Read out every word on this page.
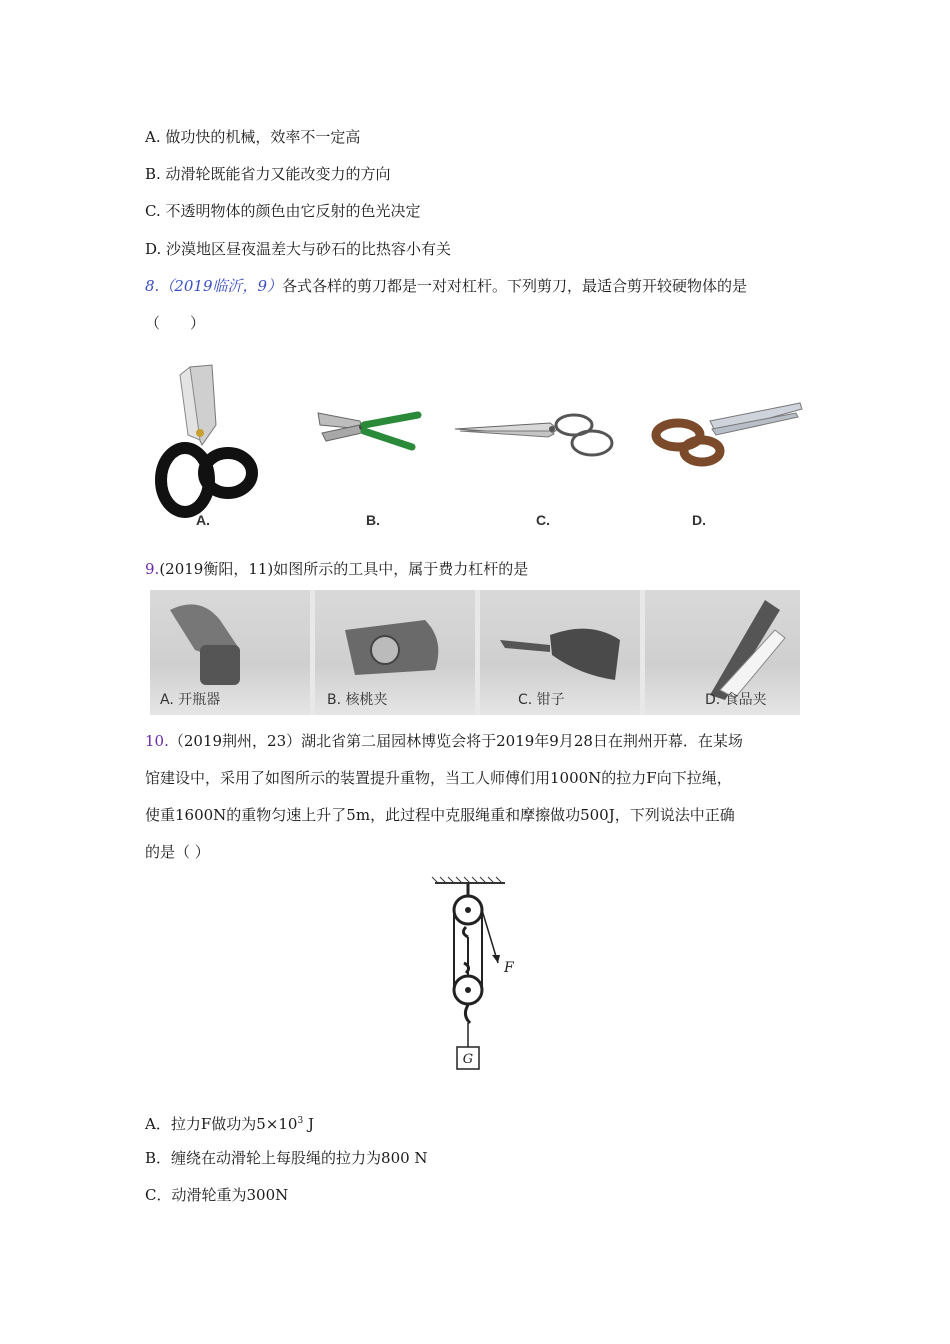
A. 做功快的机械，效率不一定高
B. 动滑轮既能省力又能改变力的方向
C. 不透明物体的颜色由它反射的色光决定
D. 沙漠地区昼夜温差大与砂石的比热容小有关
8.（2019临沂，9）各式各样的剪刀都是一对对杠杆。下列剪刀，最适合剪开较硬物体的是
（　　）
A.	B.	C.	D.
9.(2019衡阳，11)如图所示的工具中，属于费力杠杆的是
A. 开瓶器	B. 核桃夹	C. 钳子	D. 食品夹
10.（2019荆州，23）湖北省第二届园林博览会将于2019年9月28日在荆州开幕．在某场
馆建设中，采用了如图所示的装置提升重物，当工人师傅们用1000N的拉力F向下拉绳，
使重1600N的重物匀速上升了5m，此过程中克服绳重和摩擦做功500J，下列说法中正确
的是（ ）
F
G
A．拉力F做功为$5\times 10^3$ J
B．缠绕在动滑轮上每股绳的拉力为800 N
C．动滑轮重为300N
